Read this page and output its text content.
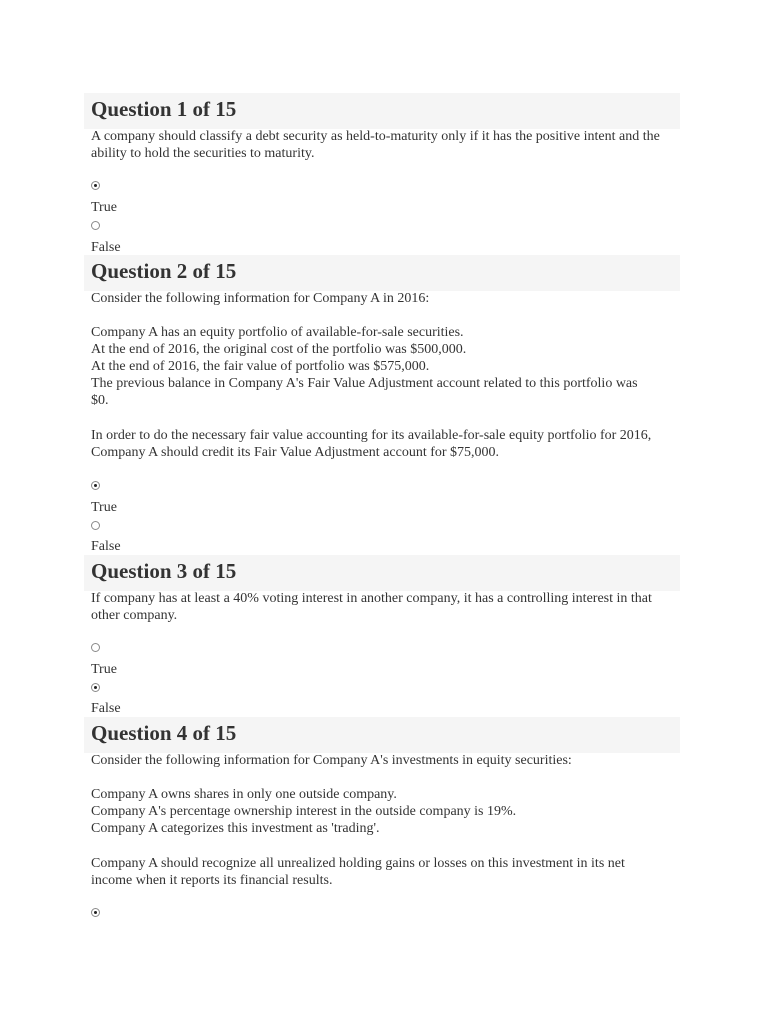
Question 1 of 15
A company should classify a debt security as held-to-maturity only if it has the positive intent and the
ability to hold the securities to maturity.
True
False
Question 2 of 15
Consider the following information for Company A in 2016:
Company A has an equity portfolio of available-for-sale securities.
At the end of 2016, the original cost of the portfolio was $500,000.
At the end of 2016, the fair value of portfolio was $575,000.
The previous balance in Company A's Fair Value Adjustment account related to this portfolio was
$0.
In order to do the necessary fair value accounting for its available-for-sale equity portfolio for 2016,
Company A should credit its Fair Value Adjustment account for $75,000.
True
False
Question 3 of 15
If company has at least a 40% voting interest in another company, it has a controlling interest in that
other company.
True
False
Question 4 of 15
Consider the following information for Company A's investments in equity securities:
Company A owns shares in only one outside company.
Company A's percentage ownership interest in the outside company is 19%.
Company A categorizes this investment as 'trading'.
Company A should recognize all unrealized holding gains or losses on this investment in its net
income when it reports its financial results.
